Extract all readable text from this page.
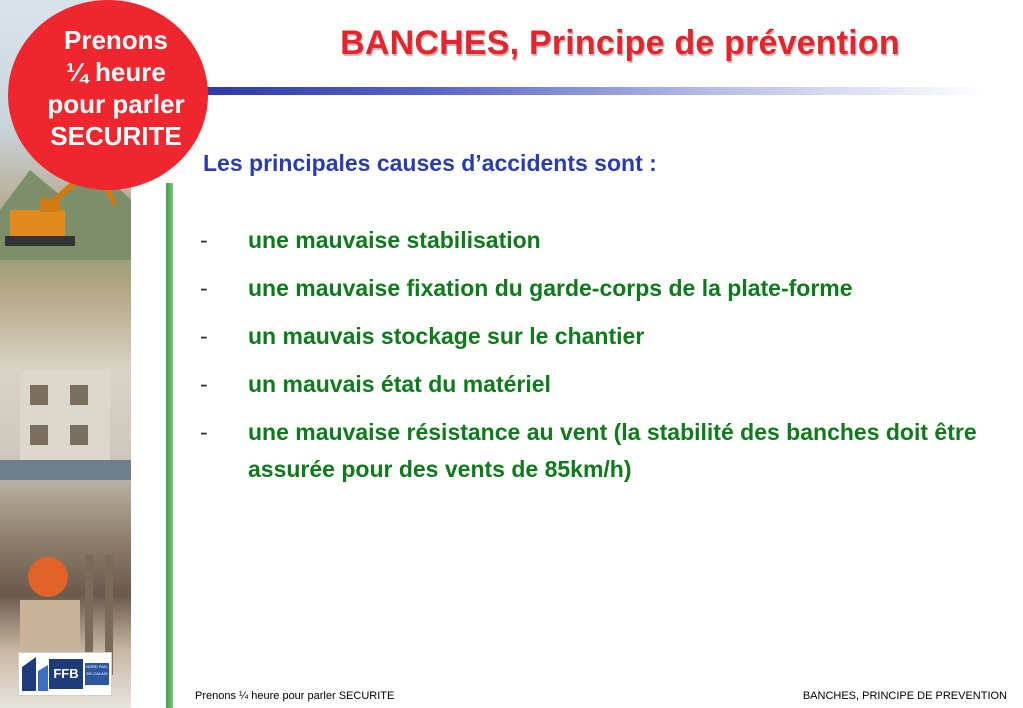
Prenons
¼ heure
pour parler
SECURITE
BANCHES, Principe de prévention
Les principales causes d’accidents sont :
- une mauvaise stabilisation
- une mauvaise fixation du garde-corps de la plate-forme
- un mauvais stockage sur le chantier
- un mauvais état du matériel
- une mauvaise résistance au vent (la stabilité des banches doit être assurée pour des vents de 85km/h)
FFB	NORD PAS-DE-CALAIS
Prenons ¼ heure pour parler SECURITE	BANCHES, PRINCIPE DE PREVENTION
